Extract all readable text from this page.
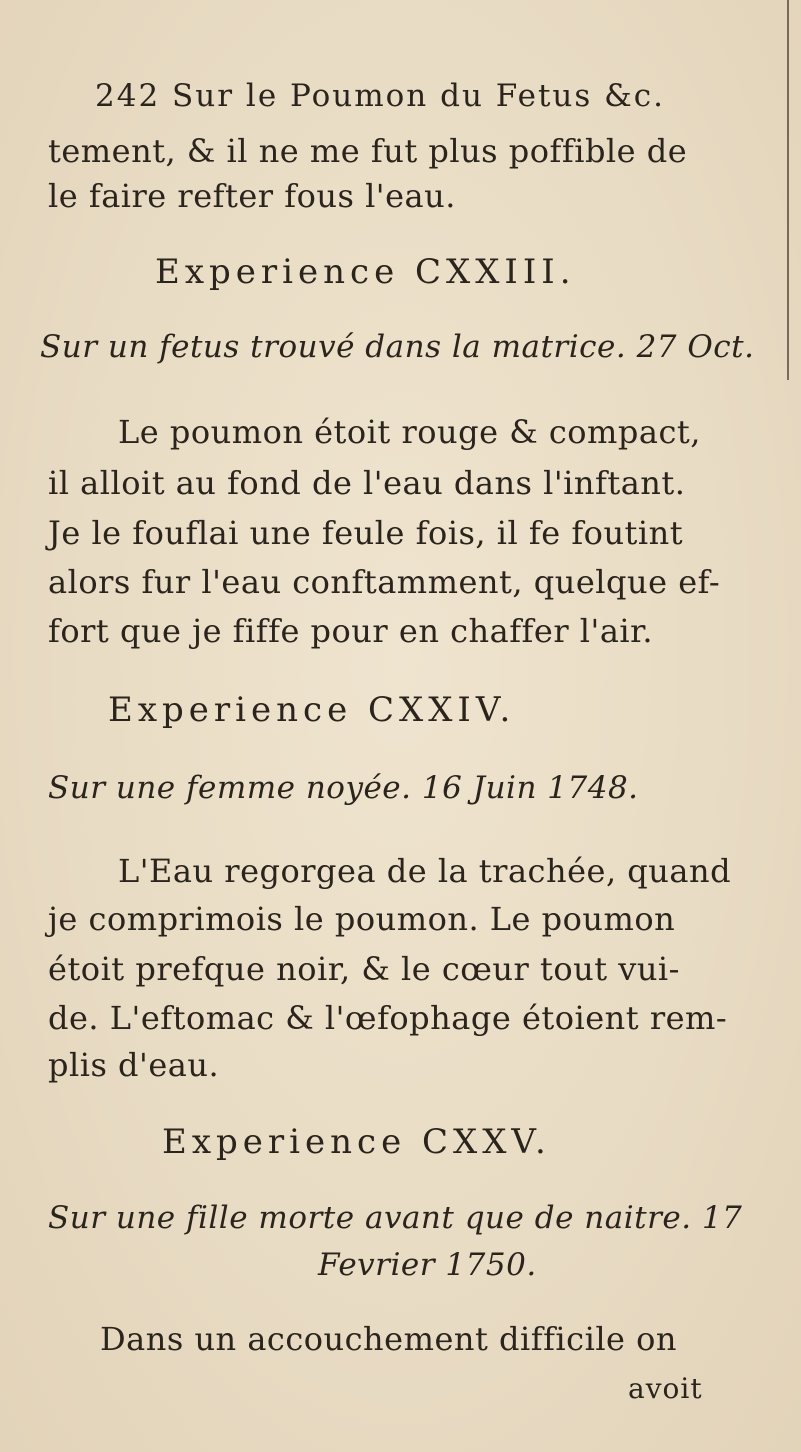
242 Sur le Poumon du Fetus &c.
tement, & il ne me fut plus poffible de
le faire refter fous l'eau.
Experience CXXIII.
Sur un fetus trouvé dans la matrice. 27 Oct.
Le poumon étoit rouge & compact,
il alloit au fond de l'eau dans l'inftant.
Je le fouflai une feule fois, il fe foutint
alors fur l'eau conftamment, quelque ef-
fort que je fiffe pour en chaffer l'air.
Experience CXXIV.
Sur une femme noyée. 16 Juin 1748.
L'Eau regorgea de la trachée, quand
je comprimois le poumon. Le poumon
étoit prefque noir, & le cœur tout vui-
de. L'eftomac & l'œfophage étoient rem-
plis d'eau.
Experience CXXV.
Sur une fille morte avant que de naitre. 17
Fevrier 1750.
Dans un accouchement difficile on
avoit
